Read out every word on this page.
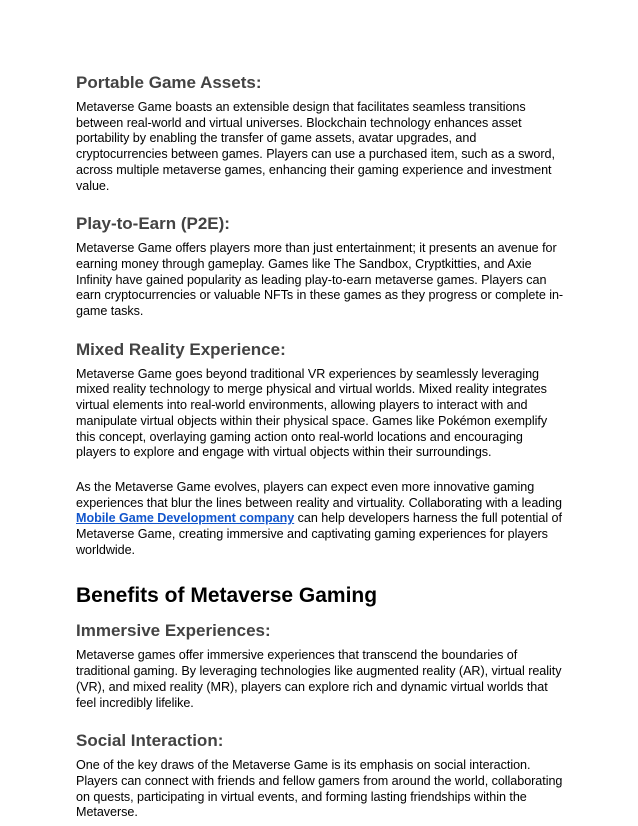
Portable Game Assets:

Metaverse Game boasts an extensible design that facilitates seamless transitions between real-world and virtual universes. Blockchain technology enhances asset portability by enabling the transfer of game assets, avatar upgrades, and cryptocurrencies between games. Players can use a purchased item, such as a sword, across multiple metaverse games, enhancing their gaming experience and investment value.

Play-to-Earn (P2E):

Metaverse Game offers players more than just entertainment; it presents an avenue for earning money through gameplay. Games like The Sandbox, Cryptkitties, and Axie Infinity have gained popularity as leading play-to-earn metaverse games. Players can earn cryptocurrencies or valuable NFTs in these games as they progress or complete in-game tasks.

Mixed Reality Experience:

Metaverse Game goes beyond traditional VR experiences by seamlessly leveraging mixed reality technology to merge physical and virtual worlds. Mixed reality integrates virtual elements into real-world environments, allowing players to interact with and manipulate virtual objects within their physical space. Games like Pokémon exemplify this concept, overlaying gaming action onto real-world locations and encouraging players to explore and engage with virtual objects within their surroundings.

As the Metaverse Game evolves, players can expect even more innovative gaming experiences that blur the lines between reality and virtuality. Collaborating with a leading Mobile Game Development company can help developers harness the full potential of Metaverse Game, creating immersive and captivating gaming experiences for players worldwide.

Benefits of Metaverse Gaming
Immersive Experiences:

Metaverse games offer immersive experiences that transcend the boundaries of traditional gaming. By leveraging technologies like augmented reality (AR), virtual reality (VR), and mixed reality (MR), players can explore rich and dynamic virtual worlds that feel incredibly lifelike.

Social Interaction:

One of the key draws of the Metaverse Game is its emphasis on social interaction. Players can connect with friends and fellow gamers from around the world, collaborating on quests, participating in virtual events, and forming lasting friendships within the Metaverse.
